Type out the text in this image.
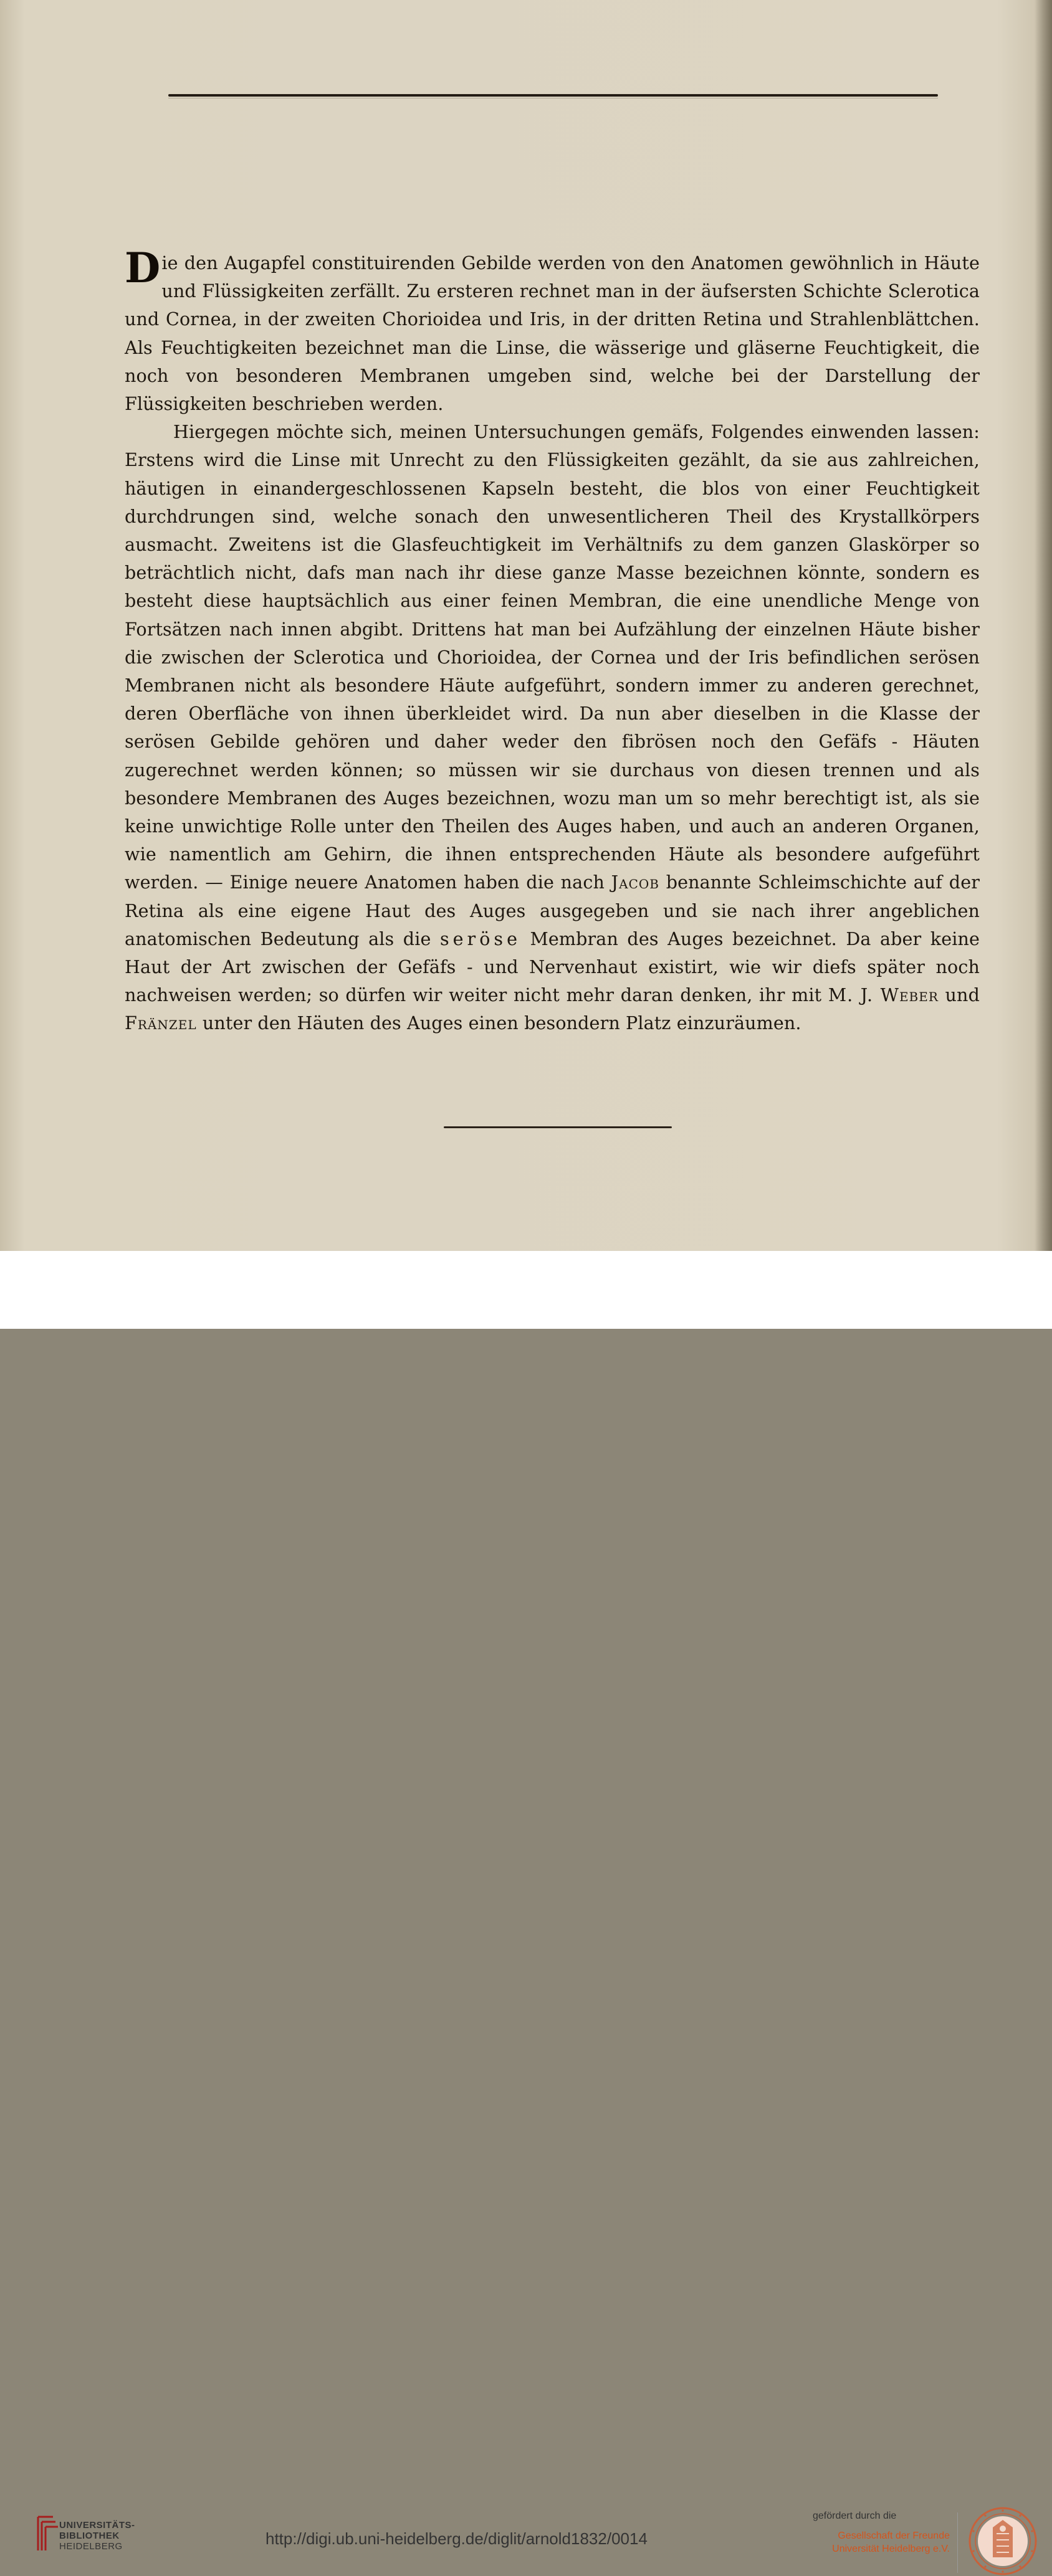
Die den Augapfel constituirenden Gebilde werden von den Anatomen gewöhnlich in Häute und Flüssigkeiten zerfällt. Zu ersteren rechnet man in der äufsersten Schichte Sclerotica und Cornea, in der zweiten Chorioidea und Iris, in der dritten Retina und Strahlenblättchen. Als Feuchtigkeiten bezeichnet man die Linse, die wässerige und gläserne Feuchtigkeit, die noch von besonderen Membranen umgeben sind, welche bei der Darstellung der Flüssigkeiten beschrieben werden.

Hiergegen möchte sich, meinen Untersuchungen gemäfs, Folgendes einwenden lassen: Erstens wird die Linse mit Unrecht zu den Flüssigkeiten gezählt, da sie aus zahlreichen, häutigen in einandergeschlossenen Kapseln besteht, die blos von einer Feuchtigkeit durchdrungen sind, welche sonach den unwesentlicheren Theil des Krystallkörpers ausmacht. Zweitens ist die Glasfeuchtigkeit im Verhältnifs zu dem ganzen Glaskörper so beträchtlich nicht, dafs man nach ihr diese ganze Masse bezeichnen könnte, sondern es besteht diese hauptsächlich aus einer feinen Membran, die eine unendliche Menge von Fortsätzen nach innen abgibt. Drittens hat man bei Aufzählung der einzelnen Häute bisher die zwischen der Sclerotica und Chorioidea, der Cornea und der Iris befindlichen serösen Membranen nicht als besondere Häute aufgeführt, sondern immer zu anderen gerechnet, deren Oberfläche von ihnen überkleidet wird. Da nun aber dieselben in die Klasse der serösen Gebilde gehören und daher weder den fibrösen noch den Gefäfs - Häuten zugerechnet werden können; so müssen wir sie durchaus von diesen trennen und als besondere Membranen des Auges bezeichnen, wozu man um so mehr berechtigt ist, als sie keine unwichtige Rolle unter den Theilen des Auges haben, und auch an anderen Organen, wie namentlich am Gehirn, die ihnen entsprechenden Häute als besondere aufgeführt werden. — Einige neuere Anatomen haben die nach Jacob benannte Schleimschichte auf der Retina als eine eigene Haut des Auges ausgegeben und sie nach ihrer angeblichen anatomischen Bedeutung als die seröse Membran des Auges bezeichnet. Da aber keine Haut der Art zwischen der Gefäfs - und Nervenhaut existirt, wie wir diefs später noch nachweisen werden; so dürfen wir weiter nicht mehr daran denken, ihr mit M. J. Weber und Fränzel unter den Häuten des Auges einen besondern Platz einzuräumen.

UNIVERSITÄTS-
BIBLIOTHEK
HEIDELBERG	http://digi.ub.uni-heidelberg.de/diglit/arnold1832/0014
gefördert durch die
Gesellschaft der Freunde
Universität Heidelberg e.V.
